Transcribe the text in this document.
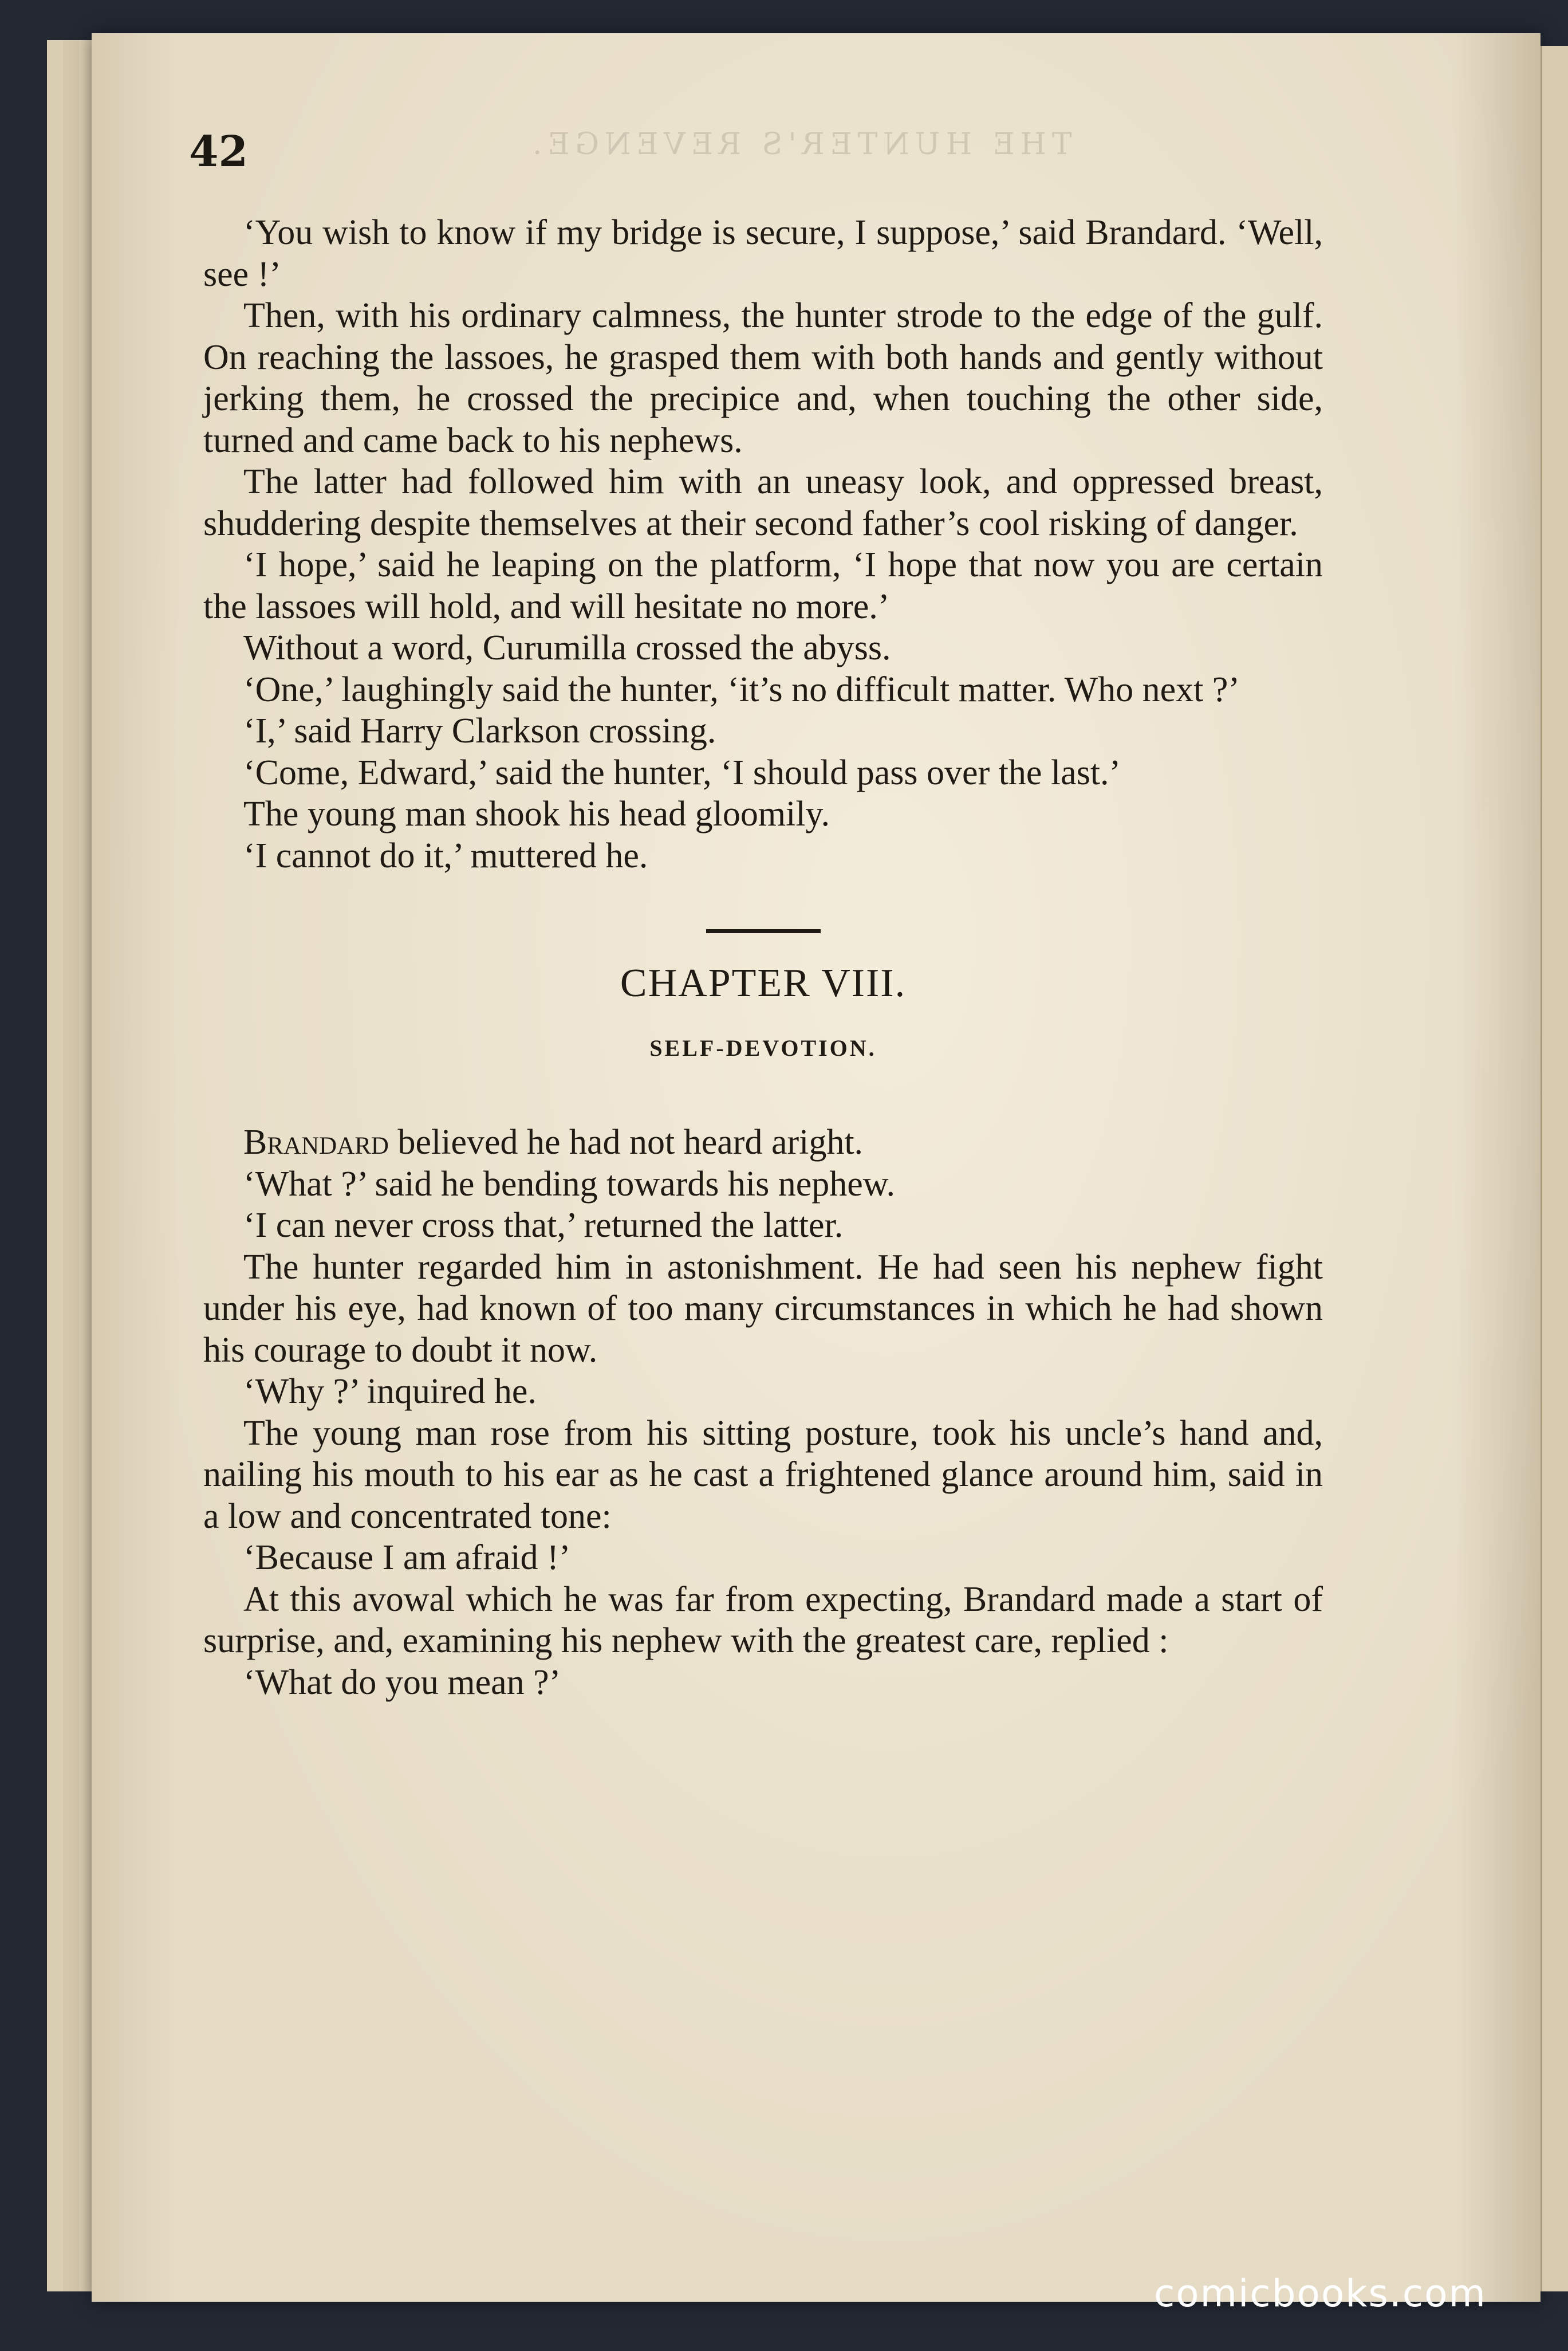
THE HUNTER'S REVENGE.
42

‘You wish to know if my bridge is secure, I suppose,’ said Brandard. ‘Well, see !’

Then, with his ordinary calmness, the hunter strode to the edge of the gulf. On reaching the lassoes, he grasped them with both hands and gently without jerking them, he crossed the precipice and, when touching the other side, turned and came back to his nephews.

The latter had followed him with an uneasy look, and oppressed breast, shuddering despite themselves at their second father’s cool risking of danger.

‘I hope,’ said he leaping on the platform, ‘I hope that now you are certain the lassoes will hold, and will hesitate no more.’

Without a word, Curumilla crossed the abyss.

‘One,’ laughingly said the hunter, ‘it’s no difficult matter. Who next ?’

‘I,’ said Harry Clarkson crossing.

‘Come, Edward,’ said the hunter, ‘I should pass over the last.’

The young man shook his head gloomily.

‘I cannot do it,’ muttered he.

CHAPTER VIII.
SELF-DEVOTION.

Brandard believed he had not heard aright.

‘What ?’ said he bending towards his nephew.

‘I can never cross that,’ returned the latter.

The hunter regarded him in astonishment. He had seen his nephew fight under his eye, had known of too many circumstances in which he had shown his courage to doubt it now.

‘Why ?’ inquired he.

The young man rose from his sitting posture, took his uncle’s hand and, nailing his mouth to his ear as he cast a frightened glance around him, said in a low and concentrated tone:

‘Because I am afraid !’

At this avowal which he was far from expecting, Brandard made a start of surprise, and, examining his nephew with the greatest care, replied :

‘What do you mean ?’

comicbooks.com
